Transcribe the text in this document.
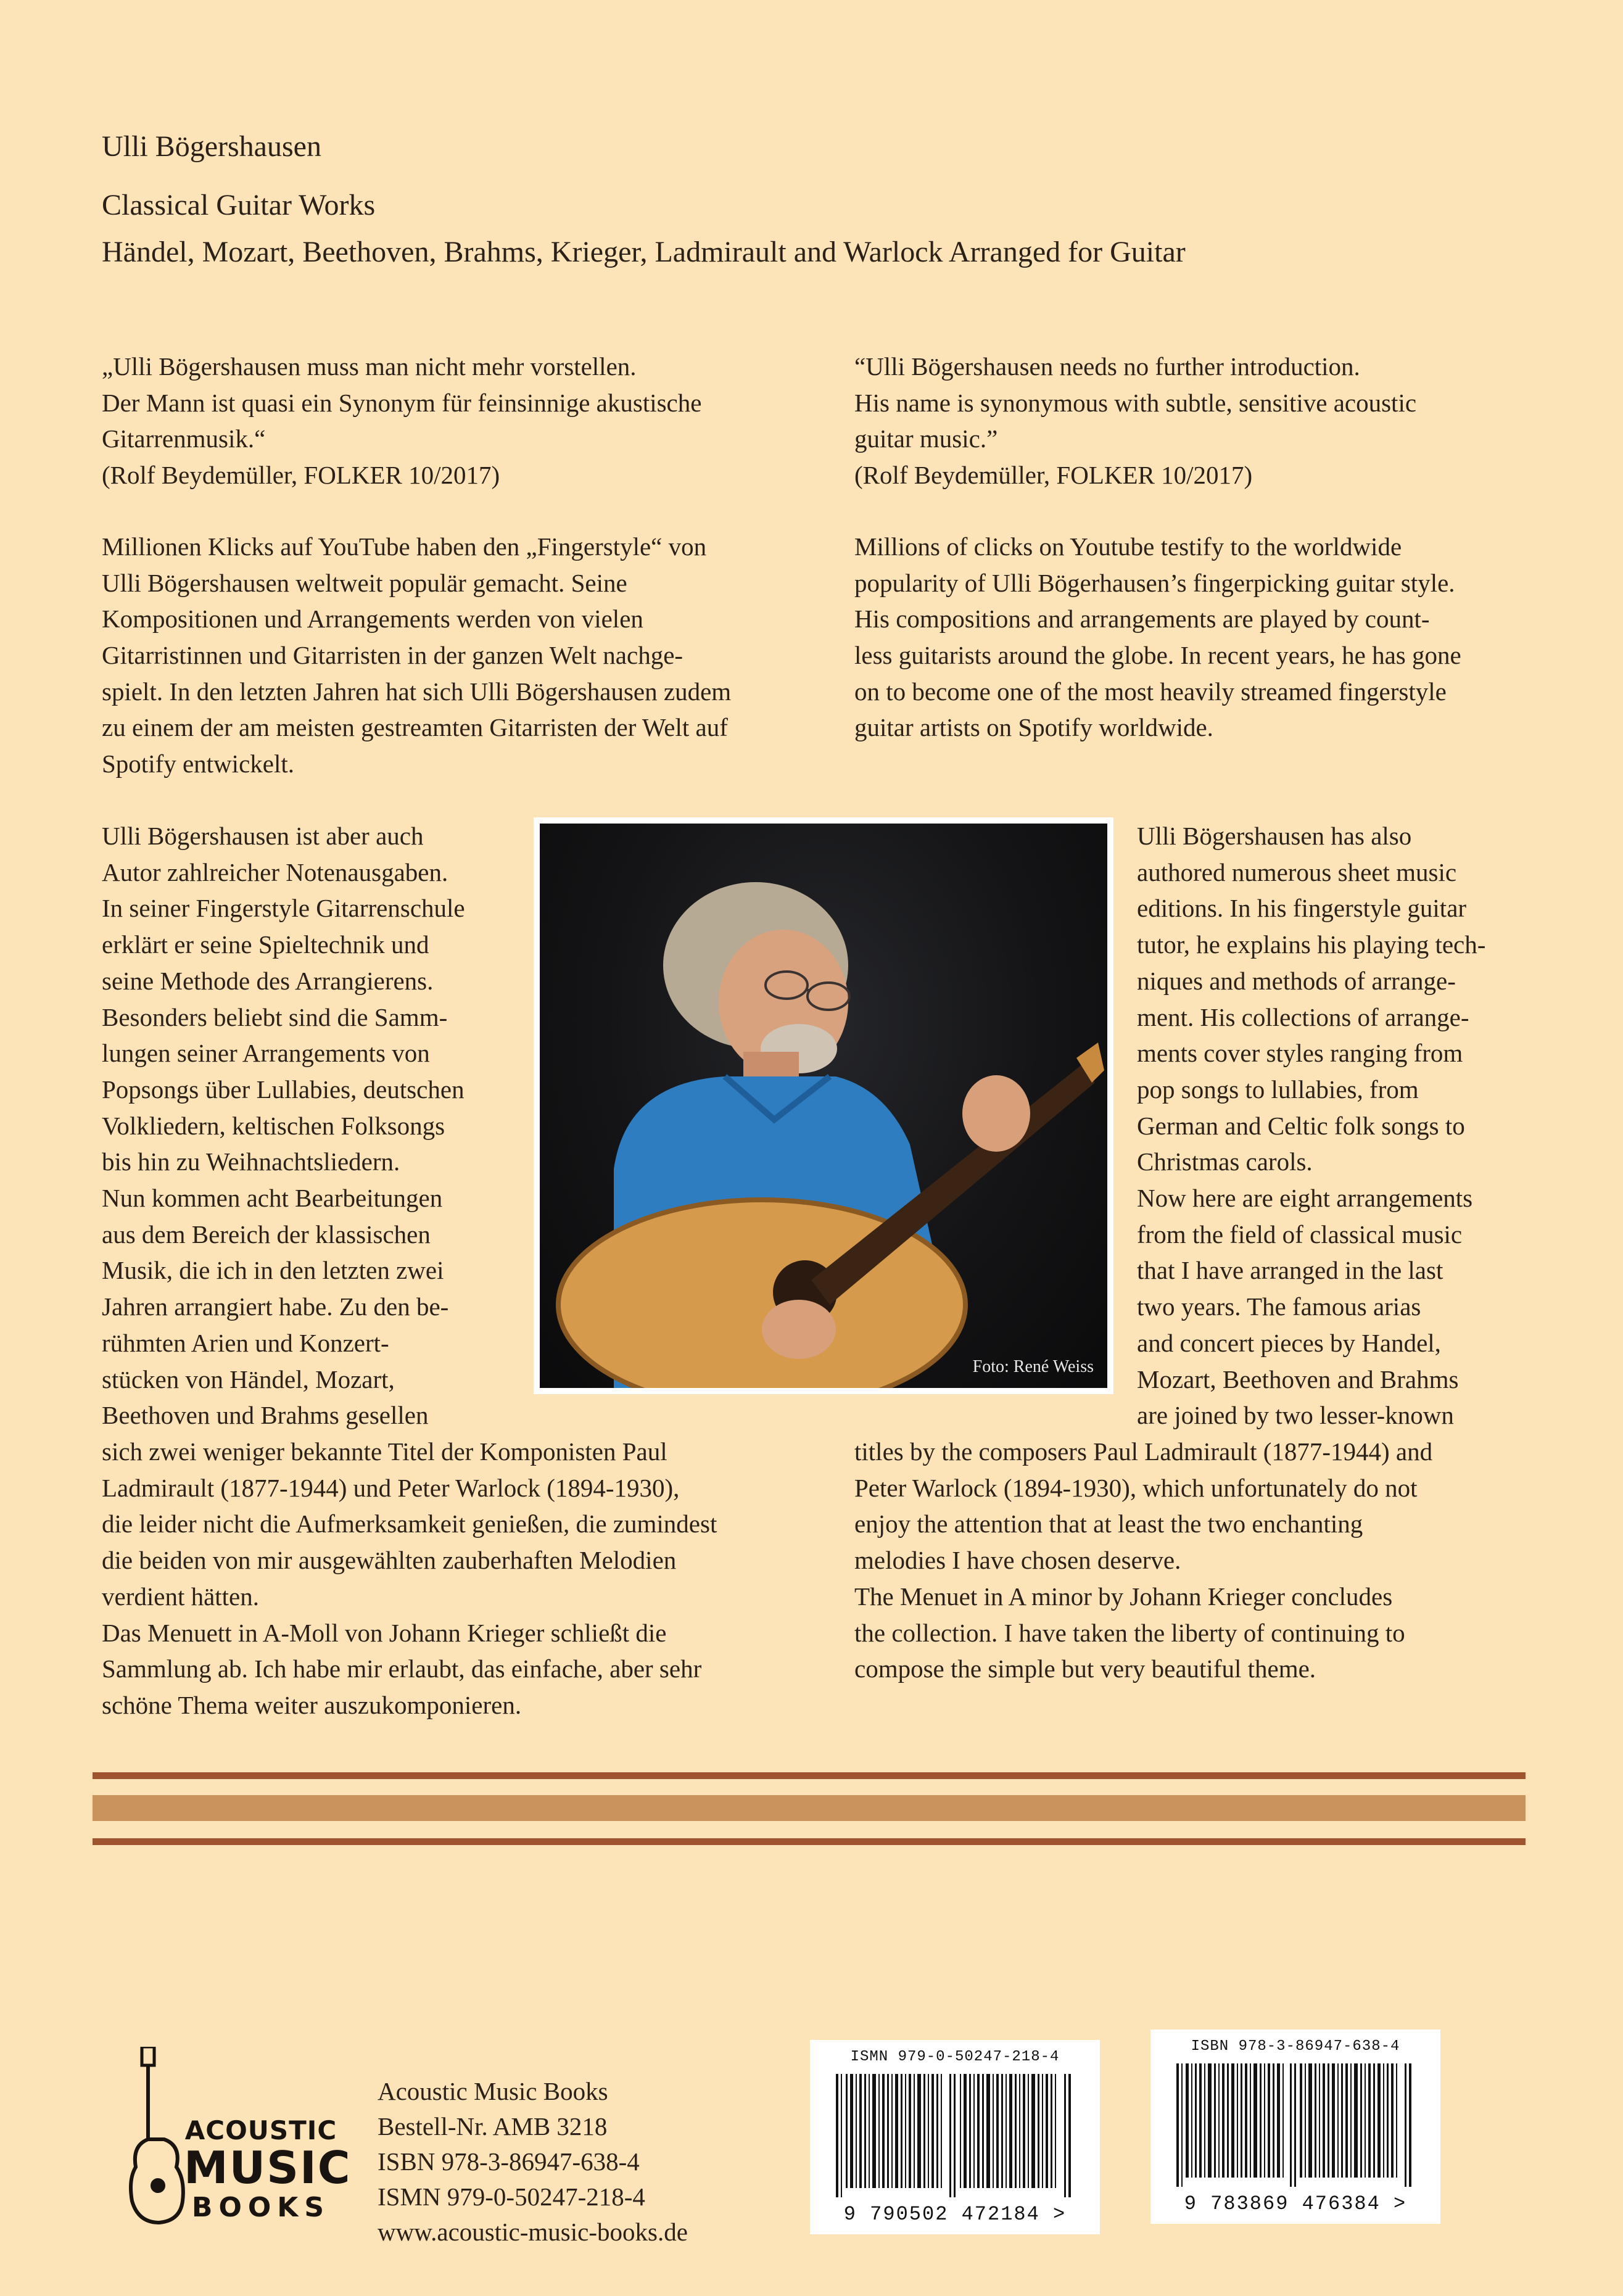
Ulli Bögershausen
Classical Guitar Works
Händel, Mozart, Beethoven, Brahms, Krieger, Ladmirault and Warlock Arranged for Guitar

„Ulli Bögershausen muss man nicht mehr vorstellen.

Der Mann ist quasi ein Synonym für feinsinnige akustische

Gitarrenmusik.“

(Rolf Beydemüller, FOLKER 10/2017)

Millionen Klicks auf YouTube haben den „Fingerstyle“ von

Ulli Bögershausen weltweit populär gemacht. Seine

Kompositionen und Arrangements werden von vielen

Gitarristinnen und Gitarristen in der ganzen Welt nachge-

spielt. In den letzten Jahren hat sich Ulli Bögershausen zudem

zu einem der am meisten gestreamten Gitarristen der Welt auf

Spotify entwickelt.

“Ulli Bögershausen needs no further introduction.

His name is synonymous with subtle, sensitive acoustic

guitar music.”

(Rolf Beydemüller, FOLKER 10/2017)

Millions of clicks on Youtube testify to the worldwide

popularity of Ulli Bögerhausen’s fingerpicking guitar style.

His compositions and arrangements are played by count-

less guitarists around the globe. In recent years, he has gone

on to become one of the most heavily streamed fingerstyle

guitar artists on Spotify worldwide.

Ulli Bögershausen ist aber auch

Autor zahlreicher Notenausgaben.

In seiner Fingerstyle Gitarrenschule

erklärt er seine Spieltechnik und

seine Methode des Arrangierens.

Besonders beliebt sind die Samm-

lungen seiner Arrangements von

Popsongs über Lullabies, deutschen

Volkliedern, keltischen Folksongs

bis hin zu Weihnachtsliedern.

Nun kommen acht Bearbeitungen

aus dem Bereich der klassischen

Musik, die ich in den letzten zwei

Jahren arrangiert habe. Zu den be-

rühmten Arien und Konzert-

stücken von Händel, Mozart,

Beethoven und Brahms gesellen

sich zwei weniger bekannte Titel der Komponisten Paul

Ladmirault (1877-1944) und Peter Warlock (1894-1930),

die leider nicht die Aufmerksamkeit genießen, die zumindest

die beiden von mir ausgewählten zauberhaften Melodien

verdient hätten.

Das Menuett in A-Moll von Johann Krieger schließt die

Sammlung ab. Ich habe mir erlaubt, das einfache, aber sehr

schöne Thema weiter auszukomponieren.

Ulli Bögershausen has also

authored numerous sheet music

editions. In his fingerstyle guitar

tutor, he explains his playing tech-

niques and methods of arrange-

ment. His collections of arrange-

ments cover styles ranging from

pop songs to lullabies, from

German and Celtic folk songs to

Christmas carols.

Now here are eight arrangements

from the field of classical music

that I have arranged in the last

two years. The famous arias

and concert pieces by Handel,

Mozart, Beethoven and Brahms

are joined by two lesser-known

titles by the composers Paul Ladmirault (1877-1944) and

Peter Warlock (1894-1930), which unfortunately do not

enjoy the attention that at least the two enchanting

melodies I have chosen deserve.

The Menuet in A minor by Johann Krieger concludes

the collection. I have taken the liberty of continuing to

compose the simple but very beautiful theme.

Foto: René Weiss
ACOUSTIC
MUSIC
BOOKS
Acoustic Music Books
Bestell-Nr. AMB 3218
ISBN 978-3-86947-638-4
ISMN 979-0-50247-218-4
www.acoustic-music-books.de
ISMN 979-0-50247-218-4
9 790502 472184 >
ISBN 978-3-86947-638-4
9 783869 476384 >
